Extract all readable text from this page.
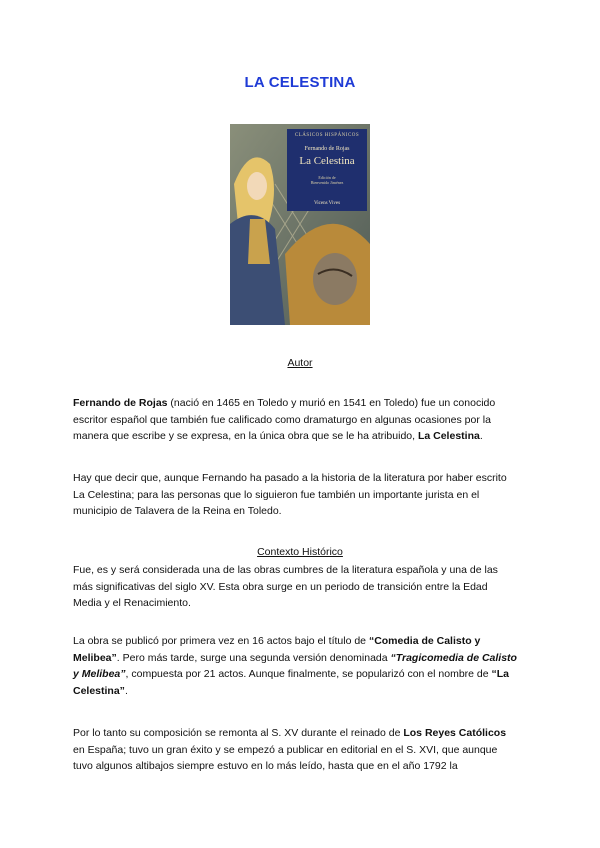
LA CELESTINA
CLÁSICOS HISPÁNICOS
Fernando de Rojas
La Celestina
Edición de
Bienvenido Jiménez
Vicens Vives
Autor
Fernando de Rojas (nació en 1465 en Toledo y murió en 1541 en Toledo) fue un conocido
escritor español que también fue calificado como dramaturgo en algunas ocasiones por la
manera que escribe y se expresa, en la única obra que se le ha atribuido, La Celestina.
Hay que decir que, aunque Fernando ha pasado a la historia de la literatura por haber escrito
La Celestina; para las personas que lo siguieron fue también un importante jurista en el
municipio de Talavera de la Reina en Toledo.
Contexto Histórico
Fue, es y será considerada una de las obras cumbres de la literatura española y una de las
más significativas del siglo XV. Esta obra surge en un periodo de transición entre la Edad
Media y el Renacimiento.
La obra se publicó por primera vez en 16 actos bajo el título de “Comedia de Calisto y
Melibea”. Pero más tarde, surge una segunda versión denominada “Tragicomedia de Calisto
y Melibea”, compuesta por 21 actos. Aunque finalmente, se popularizó con el nombre de “La
Celestina”.
Por lo tanto su composición se remonta al S. XV durante el reinado de Los Reyes Católicos
en España; tuvo un gran éxito y se empezó a publicar en editorial en el S. XVI, que aunque
tuvo algunos altibajos siempre estuvo en lo más leído, hasta que en el año 1792 la
